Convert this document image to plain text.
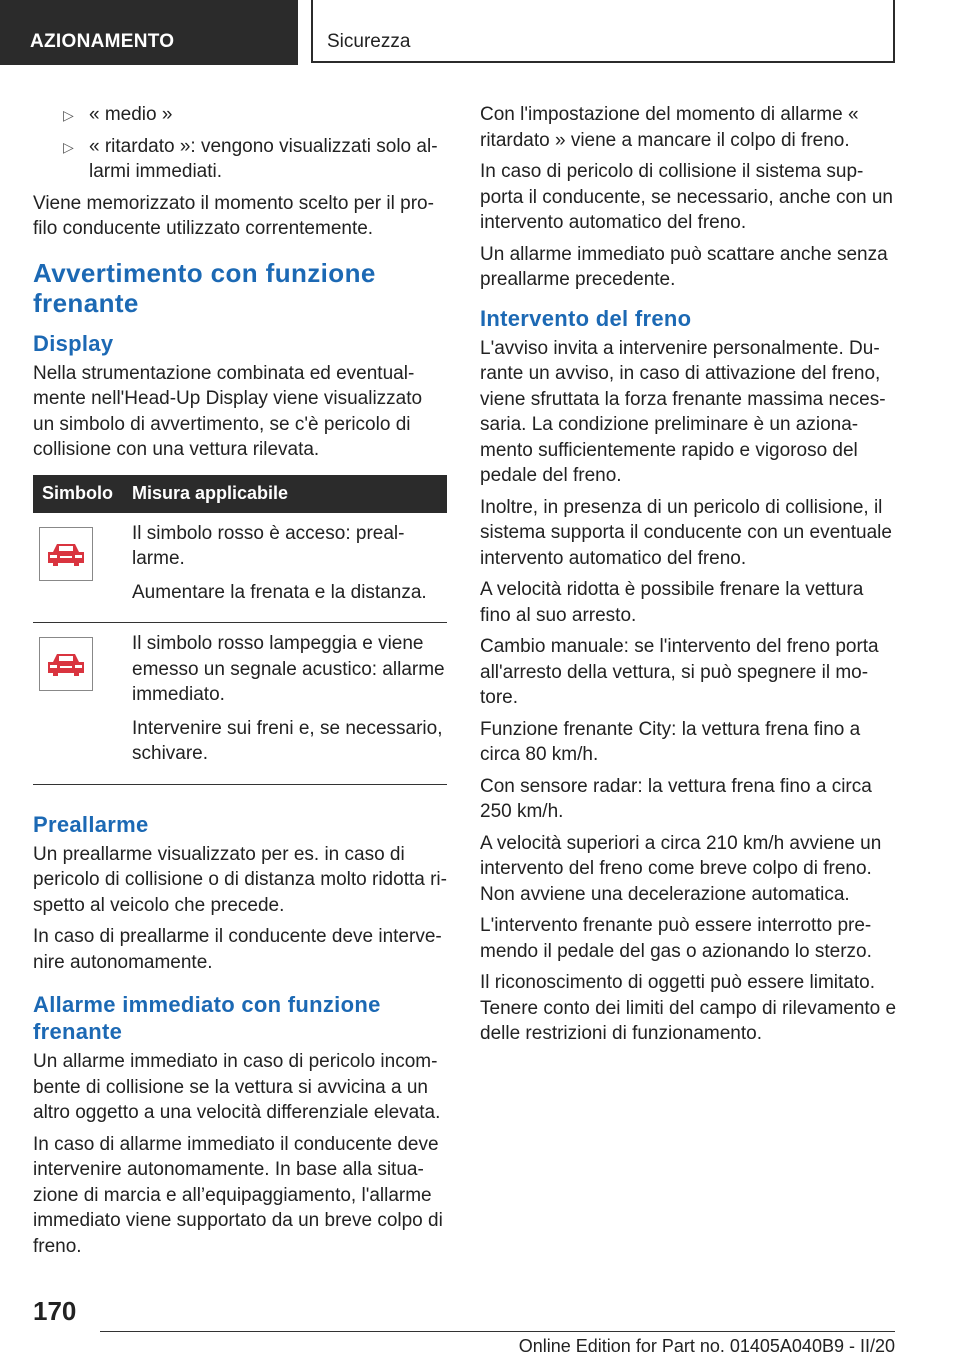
AZIONAMENTO	Sicurezza
▷ « medio »
▷ « ritardato »: vengono visualizzati solo allarmi immediati.

Viene memorizzato il momento scelto per il profilo conducente utilizzato correntemente.

Avvertimento con funzione frenante
Display

Nella strumentazione combinata ed eventualmente nell'Head-Up Display viene visualizzato un simbolo di avvertimento, se c'è pericolo di collisione con una vettura rilevata.

Simbolo	Misura applicabile

Il simbolo rosso è acceso: preallarme.

Aumentare la frenata e la distanza.

Il simbolo rosso lampeggia e viene emesso un segnale acustico: allarme immediato.

Intervenire sui freni e, se necessario, schivare.

Preallarme

Un preallarme visualizzato per es. in caso di pericolo di collisione o di distanza molto ridotta rispetto al veicolo che precede.

In caso di preallarme il conducente deve intervenire autonomamente.

Allarme immediato con funzione frenante

Un allarme immediato in caso di pericolo incombente di collisione se la vettura si avvicina a un altro oggetto a una velocità differenziale elevata.

In caso di allarme immediato il conducente deve intervenire autonomamente. In base alla situazione di marcia e all’equipaggiamento, l'allarme immediato viene supportato da un breve colpo di freno.

Con l'impostazione del momento di allarme « ritardato » viene a mancare il colpo di freno.

In caso di pericolo di collisione il sistema supporta il conducente, se necessario, anche con un intervento automatico del freno.

Un allarme immediato può scattare anche senza preallarme precedente.

Intervento del freno

L'avviso invita a intervenire personalmente. Durante un avviso, in caso di attivazione del freno, viene sfruttata la forza frenante massima necessaria. La condizione preliminare è un azionamento sufficientemente rapido e vigoroso del pedale del freno.

Inoltre, in presenza di un pericolo di collisione, il sistema supporta il conducente con un eventuale intervento automatico del freno.

A velocità ridotta è possibile frenare la vettura fino al suo arresto.

Cambio manuale: se l'intervento del freno porta all'arresto della vettura, si può spegnere il motore.

Funzione frenante City: la vettura frena fino a circa 80 km/h.

Con sensore radar: la vettura frena fino a circa 250 km/h.

A velocità superiori a circa 210 km/h avviene un intervento del freno come breve colpo di freno. Non avviene una decelerazione automatica.

L'intervento frenante può essere interrotto premendo il pedale del gas o azionando lo sterzo.

Il riconoscimento di oggetti può essere limitato. Tenere conto dei limiti del campo di rilevamento e delle restrizioni di funzionamento.

170
Online Edition for Part no. 01405A040B9 - II/20
